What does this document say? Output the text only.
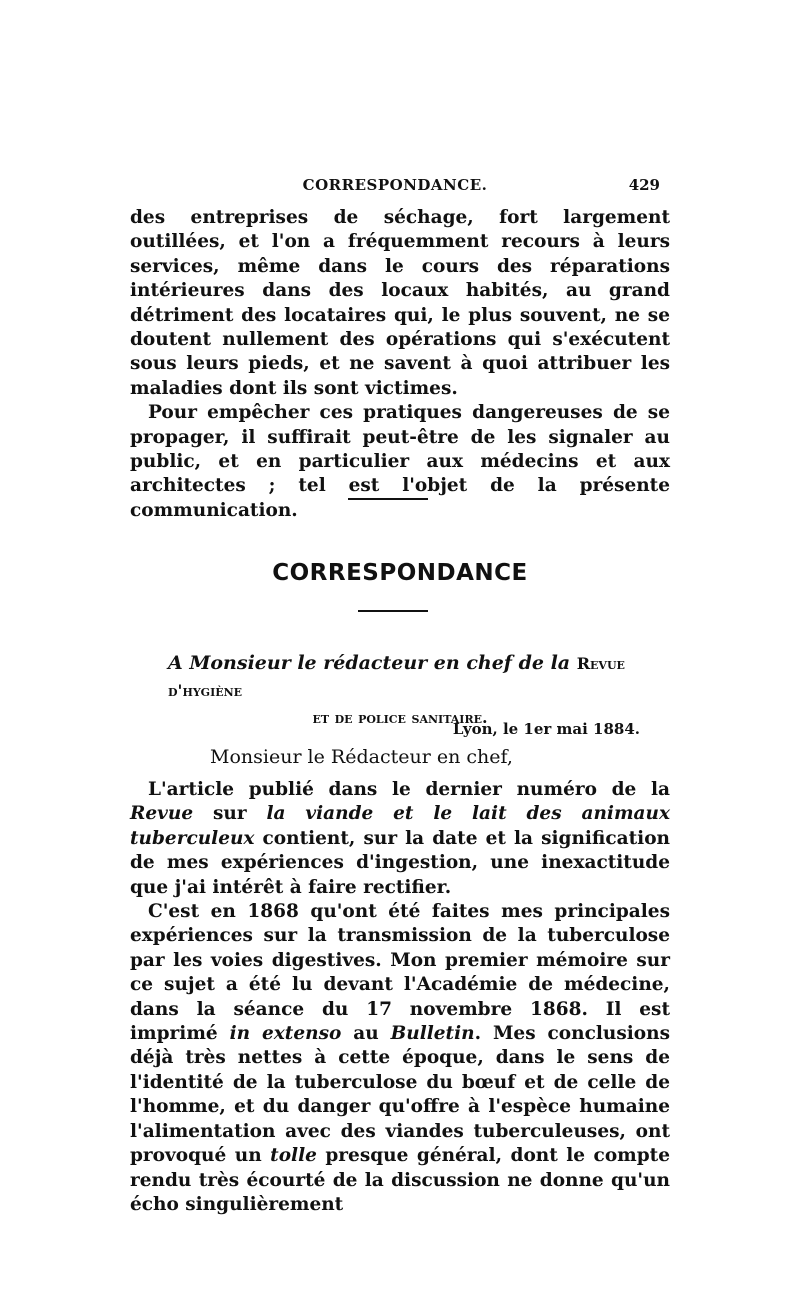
CORRESPONDANCE.	429

des entreprises de séchage, fort largement outillées, et l'on a fréquemment recours à leurs services, même dans le cours des réparations intérieures dans des locaux habités, au grand détriment des locataires qui, le plus souvent, ne se doutent nullement des opérations qui s'exécutent sous leurs pieds, et ne savent à quoi attribuer les maladies dont ils sont victimes.

Pour empêcher ces pratiques dangereuses de se propager, il suffirait peut-être de les signaler au public, et en particulier aux médecins et aux architectes ; tel est l'objet de la présente communication.

CORRESPONDANCE
A Monsieur le rédacteur en chef de la Revue d'hygiène
et de police sanitaire.
Lyon, le 1er mai 1884.
Monsieur le Rédacteur en chef,

L'article publié dans le dernier numéro de la Revue sur la viande et le lait des animaux tuberculeux contient, sur la date et la signification de mes expériences d'ingestion, une inexactitude que j'ai intérêt à faire rectifier.

C'est en 1868 qu'ont été faites mes principales expériences sur la transmission de la tuberculose par les voies digestives. Mon premier mémoire sur ce sujet a été lu devant l'Académie de médecine, dans la séance du 17 novembre 1868. Il est imprimé in extenso au Bulletin. Mes conclusions déjà très nettes à cette époque, dans le sens de l'identité de la tuberculose du bœuf et de celle de l'homme, et du danger qu'offre à l'espèce humaine l'alimentation avec des viandes tuberculeuses, ont provoqué un tolle presque général, dont le compte rendu très écourté de la discussion ne donne qu'un écho singulièrement
